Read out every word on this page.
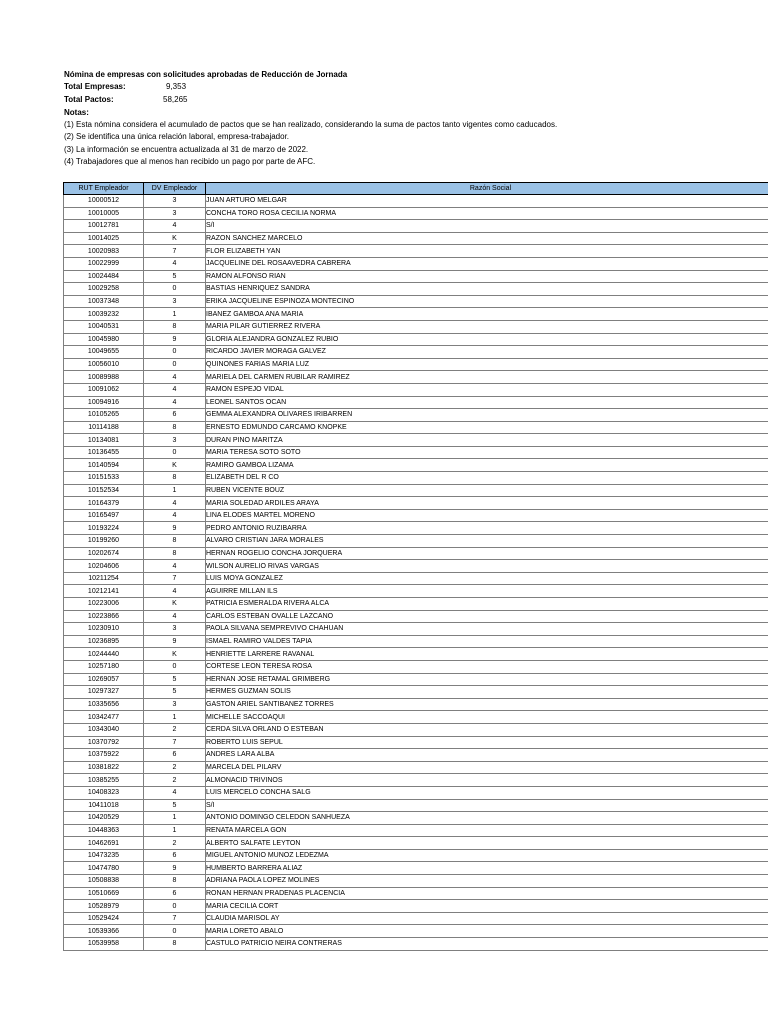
Nómina de empresas con solicitudes aprobadas de Reducción de Jornada
Total Empresas:	9,353
Total Pactos:	58,265
Notas:
(1) Esta nómina considera el acumulado de pactos que se han realizado, considerando la suma de pactos tanto vigentes como caducados.
(2) Se identifica una única relación laboral, empresa-trabajador.
(3) La información se encuentra actualizada al 31 de marzo de 2022.
(4) Trabajadores que al menos han recibido un pago por parte de AFC.
RUT Empleador	DV Empleador	Razón Social
10000512	3	JUAN ARTURO MELGAR
10010005	3	CONCHA TORO ROSA CECILIA NORMA
10012781	4	S/I
10014025	K	RAZON SANCHEZ MARCELO
10020983	7	FLOR ELIZABETH YAN
10022999	4	JACQUELINE DEL ROSAAVEDRA CABRERA
10024484	5	RAMON ALFONSO RIAN
10029258	0	BASTIAS HENRIQUEZ SANDRA
10037348	3	ERIKA JACQUELINE ESPINOZA MONTECINO
10039232	1	IBANEZ GAMBOA ANA MARIA
10040531	8	MARIA PILAR GUTIERREZ RIVERA
10045980	9	GLORIA ALEJANDRA GONZALEZ RUBIO
10049655	0	RICARDO JAVIER MORAGA GALVEZ
10056010	0	QUINONES FARIAS MARIA LUZ
10089988	4	MARIELA DEL CARMEN RUBILAR RAMIREZ
10091062	4	RAMON ESPEJO VIDAL
10094916	4	LEONEL SANTOS OCAN
10105265	6	GEMMA ALEXANDRA OLIVARES IRIBARREN
10114188	8	ERNESTO EDMUNDO CARCAMO KNOPKE
10134081	3	DURAN PINO MARITZA
10136455	0	MARIA TERESA SOTO SOTO
10140594	K	RAMIRO GAMBOA LIZAMA
10151533	8	ELIZABETH DEL R CO
10152534	1	RUBEN VICENTE BOUZ
10164379	4	MARIA SOLEDAD ARDILES ARAYA
10165497	4	LINA ELODES MARTEL MORENO
10193224	9	PEDRO ANTONIO RUZIBARRA
10199260	8	ALVARO CRISTIAN JARA MORALES
10202674	8	HERNAN ROGELIO CONCHA JORQUERA
10204606	4	WILSON AURELIO RIVAS VARGAS
10211254	7	LUIS MOYA GONZALEZ
10212141	4	AGUIRRE MILLAN ILS
10223006	K	PATRICIA ESMERALDA RIVERA ALCA
10223866	4	CARLOS ESTEBAN OVALLE LAZCANO
10230910	3	PAOLA SILVANA SEMPREVIVO CHAHUAN
10236895	9	ISMAEL RAMIRO VALDES TAPIA
10244440	K	HENRIETTE LARRERE RAVANAL
10257180	0	CORTESE LEON TERESA ROSA
10269057	5	HERNAN JOSE RETAMAL GRIMBERG
10297327	5	HERMES GUZMAN SOLIS
10335656	3	GASTON ARIEL SANTIBANEZ TORRES
10342477	1	MICHELLE SACCOAQUI
10343040	2	CERDA SILVA ORLAND O ESTEBAN
10370792	7	ROBERTO LUIS SEPUL
10375922	6	ANDRES LARA ALBA
10381822	2	MARCELA DEL PILARV
10385255	2	ALMONACID TRIVINOS
10408323	4	LUIS MERCELO CONCHA SALG
10411018	5	S/I
10420529	1	ANTONIO DOMINGO CELEDON SANHUEZA
10448363	1	RENATA MARCELA GON
10462691	2	ALBERTO SALFATE LEYTON
10473235	6	MIGUEL ANTONIO MUNOZ LEDEZMA
10474780	9	HUMBERTO BARRERA ALIAZ
10508838	8	ADRIANA PAOLA LOPEZ MOLINES
10510669	6	RONAN HERNAN PRADENAS PLACENCIA
10528979	0	MARIA CECILIA CORT
10529424	7	CLAUDIA MARISOL AY
10539366	0	MARIA LORETO ABALO
10539958	8	CASTULO PATRICIO NEIRA CONTRERAS
